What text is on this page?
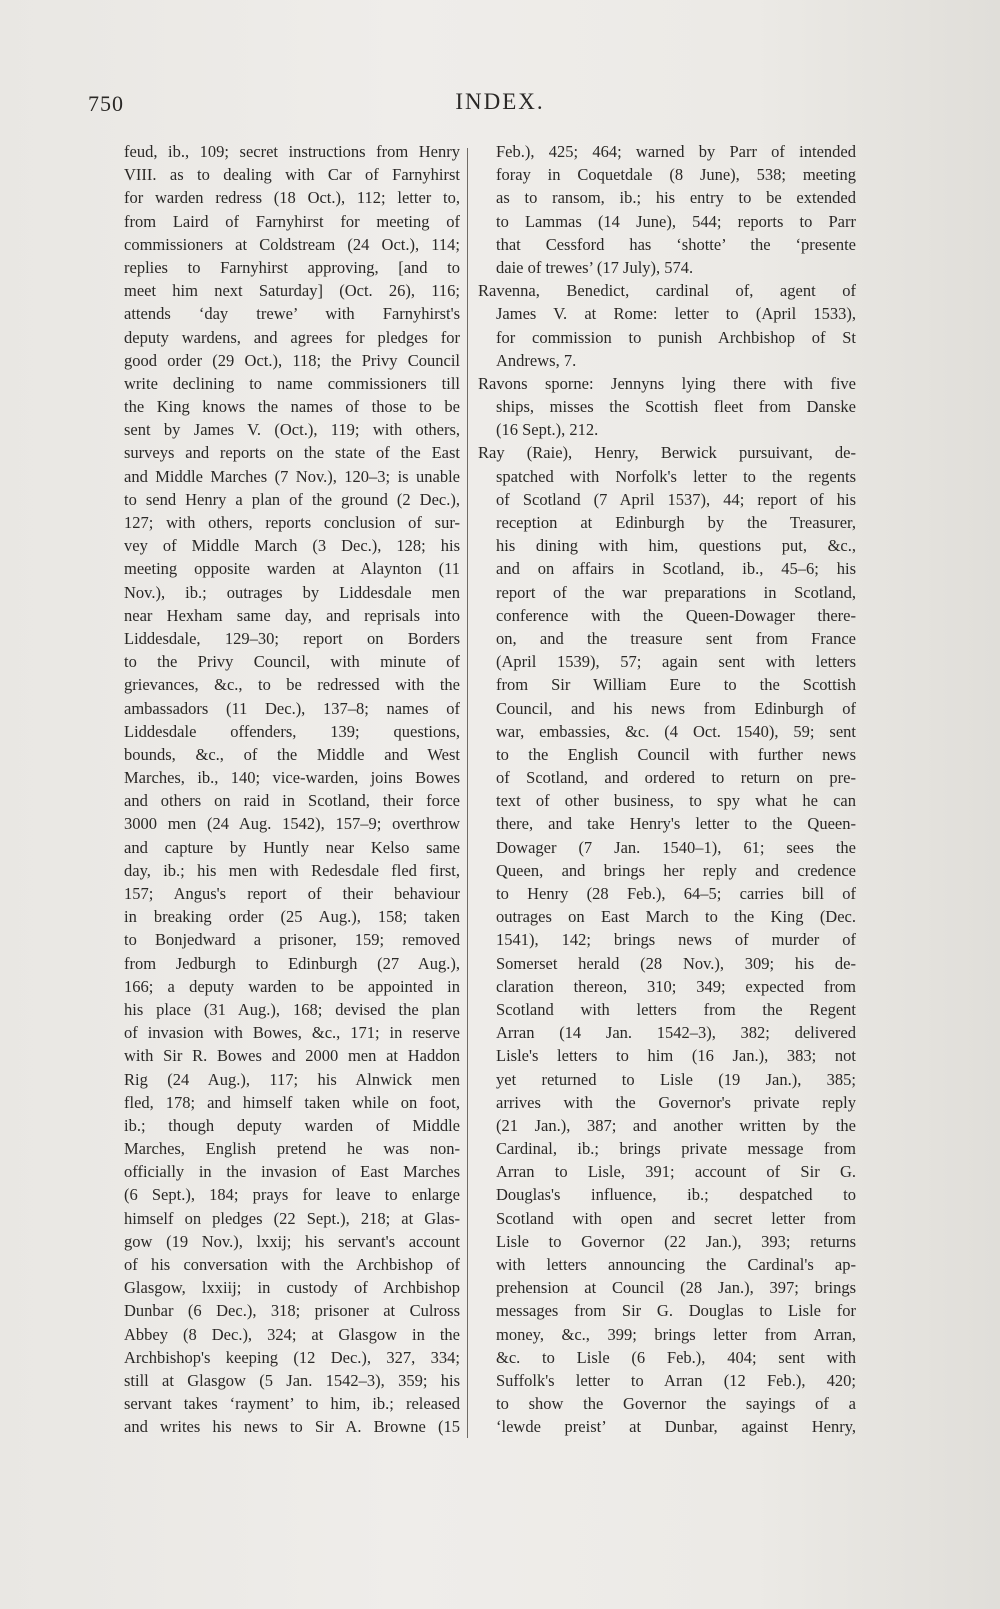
750	INDEX.
feud, ib., 109; secret instructions from Henry
VIII. as to dealing with Car of Farnyhirst
for warden redress (18 Oct.), 112; letter to,
from Laird of Farnyhirst for meeting of
commissioners at Coldstream (24 Oct.), 114;
replies to Farnyhirst approving, [and to
meet him next Saturday] (Oct. 26), 116;
attends ‘day trewe’ with Farnyhirst's
deputy wardens, and agrees for pledges for
good order (29 Oct.), 118; the Privy Council
write declining to name commissioners till
the King knows the names of those to be
sent by James V. (Oct.), 119; with others,
surveys and reports on the state of the East
and Middle Marches (7 Nov.), 120–3; is unable
to send Henry a plan of the ground (2 Dec.),
127; with others, reports conclusion of sur-
vey of Middle March (3 Dec.), 128; his
meeting opposite warden at Alaynton (11
Nov.), ib.; outrages by Liddesdale men
near Hexham same day, and reprisals into
Liddesdale, 129–30; report on Borders
to the Privy Council, with minute of
grievances, &c., to be redressed with the
ambassadors (11 Dec.), 137–8; names of
Liddesdale offenders, 139; questions,
bounds, &c., of the Middle and West
Marches, ib., 140; vice-warden, joins Bowes
and others on raid in Scotland, their force
3000 men (24 Aug. 1542), 157–9; overthrow
and capture by Huntly near Kelso same
day, ib.; his men with Redesdale fled first,
157; Angus's report of their behaviour
in breaking order (25 Aug.), 158; taken
to Bonjedward a prisoner, 159; removed
from Jedburgh to Edinburgh (27 Aug.),
166; a deputy warden to be appointed in
his place (31 Aug.), 168; devised the plan
of invasion with Bowes, &c., 171; in reserve
with Sir R. Bowes and 2000 men at Haddon
Rig (24 Aug.), 117; his Alnwick men
fled, 178; and himself taken while on foot,
ib.; though deputy warden of Middle
Marches, English pretend he was non-
officially in the invasion of East Marches
(6 Sept.), 184; prays for leave to enlarge
himself on pledges (22 Sept.), 218; at Glas-
gow (19 Nov.), lxxij; his servant's account
of his conversation with the Archbishop of
Glasgow, lxxiij; in custody of Archbishop
Dunbar (6 Dec.), 318; prisoner at Culross
Abbey (8 Dec.), 324; at Glasgow in the
Archbishop's keeping (12 Dec.), 327, 334;
still at Glasgow (5 Jan. 1542–3), 359; his
servant takes ‘rayment’ to him, ib.; released
and writes his news to Sir A. Browne (15
Feb.), 425; 464; warned by Parr of intended
foray in Coquetdale (8 June), 538; meeting
as to ransom, ib.; his entry to be extended
to Lammas (14 June), 544; reports to Parr
that Cessford has ‘shotte’ the ‘presente
daie of trewes’ (17 July), 574.
Ravenna, Benedict, cardinal of, agent of
James V. at Rome: letter to (April 1533),
for commission to punish Archbishop of St
Andrews, 7.
Ravons sporne: Jennyns lying there with five
ships, misses the Scottish fleet from Danske
(16 Sept.), 212.
Ray (Raie), Henry, Berwick pursuivant, de-
spatched with Norfolk's letter to the regents
of Scotland (7 April 1537), 44; report of his
reception at Edinburgh by the Treasurer,
his dining with him, questions put, &c.,
and on affairs in Scotland, ib., 45–6; his
report of the war preparations in Scotland,
conference with the Queen-Dowager there-
on, and the treasure sent from France
(April 1539), 57; again sent with letters
from Sir William Eure to the Scottish
Council, and his news from Edinburgh of
war, embassies, &c. (4 Oct. 1540), 59; sent
to the English Council with further news
of Scotland, and ordered to return on pre-
text of other business, to spy what he can
there, and take Henry's letter to the Queen-
Dowager (7 Jan. 1540–1), 61; sees the
Queen, and brings her reply and credence
to Henry (28 Feb.), 64–5; carries bill of
outrages on East March to the King (Dec.
1541), 142; brings news of murder of
Somerset herald (28 Nov.), 309; his de-
claration thereon, 310; 349; expected from
Scotland with letters from the Regent
Arran (14 Jan. 1542–3), 382; delivered
Lisle's letters to him (16 Jan.), 383; not
yet returned to Lisle (19 Jan.), 385;
arrives with the Governor's private reply
(21 Jan.), 387; and another written by the
Cardinal, ib.; brings private message from
Arran to Lisle, 391; account of Sir G.
Douglas's influence, ib.; despatched to
Scotland with open and secret letter from
Lisle to Governor (22 Jan.), 393; returns
with letters announcing the Cardinal's ap-
prehension at Council (28 Jan.), 397; brings
messages from Sir G. Douglas to Lisle for
money, &c., 399; brings letter from Arran,
&c. to Lisle (6 Feb.), 404; sent with
Suffolk's letter to Arran (12 Feb.), 420;
to show the Governor the sayings of a
‘lewde preist’ at Dunbar, against Henry,
